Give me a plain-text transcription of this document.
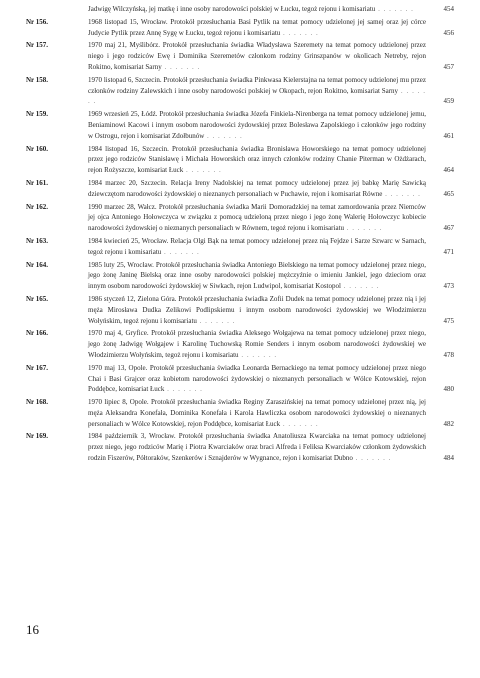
Jadwigę Wilczyńską, jej matkę i inne osoby narodowości polskiej w Łucku, tegoż rejonu i komisariatu . . . . . . .	454
Nr 156.	1968 listopad 15, Wrocław. Protokół przesłuchania Basi Pytlik na temat pomocy udzielonej jej samej oraz jej córce Judycie Pytlik przez Annę Sygę w Łucku, tegoż rejonu i komisariatu . . . . . . .	456
Nr 157.	1970 maj 21, Myślibórz. Protokół przesłuchania świadka Władysława Szeremety na temat pomocy udzielonej przez niego i jego rodziców Ewę i Dominika Szeremetów członkom rodziny Grinszpanów w okolicach Netreby, rejon Rokitno, komisariat Sarny . . . . . . .	457
Nr 158.	1970 listopad 6, Szczecin. Protokół przesłuchania świadka Pinkwasa Kielerstajna na temat pomocy udzielonej mu przez członków rodziny Zalewskich i inne osoby narodowości polskiej w Okopach, rejon Rokitno, komisariat Sarny . . . . . . .	459
Nr 159.	1969 wrzesień 25, Łódź. Protokół przesłuchania świadka Józefa Finkiela-Nirenberga na temat pomocy udzielonej jemu, Beniaminowi Kacowi i innym osobom narodowości żydowskiej przez Bolesława Zapolskiego i członków jego rodziny w Ostrogu, rejon i komisariat Zdołbunów . . . . . . .	461
Nr 160.	1984 listopad 16, Szczecin. Protokół przesłuchania świadka Bronisława Howorskiego na temat pomocy udzielonej przez jego rodziców Stanisławę i Michała Howorskich oraz innych członków rodziny Chanie Piterman w Ożdżarach, rejon Rożyszcze, komisariat Łuck . . . . . . .	464
Nr 161.	1984 marzec 20, Szczecin. Relacja Ireny Nadolskiej na temat pomocy udzielonej przez jej babkę Marię Sawicką dziewczętom narodowości żydowskiej o nieznanych personaliach w Puchawie, rejon i komisariat Równe . . . . . . .	465
Nr 162.	1990 marzec 28, Wałcz. Protokół przesłuchania świadka Marii Domoradzkiej na temat zamordowania przez Niemców jej ojca Antoniego Hołowczyca w związku z pomocą udzieloną przez niego i jego żonę Walerię Hołowczyc kobiecie narodowości żydowskiej o nieznanych personaliach w Równem, tegoż rejonu i komisariatu . . . . . . .	467
Nr 163.	1984 kwiecień 25, Wrocław. Relacja Olgi Bąk na temat pomocy udzielonej przez nią Fejdze i Sarze Szwarc w Sarnach, tegoż rejonu i komisariatu . . . . . . .	471
Nr 164.	1985 luty 25, Wrocław. Protokół przesłuchania świadka Antoniego Bielskiego na temat pomocy udzielonej przez niego, jego żonę Janinę Bielską oraz inne osoby narodowości polskiej mężczyźnie o imieniu Jankiel, jego dzieciom oraz innym osobom narodowości żydowskiej w Siwkach, rejon Ludwipol, komisariat Kostopol . . . . . . .	473
Nr 165.	1986 styczeń 12, Zielona Góra. Protokół przesłuchania świadka Zofii Dudek na temat pomocy udzielonej przez nią i jej męża Mirosława Dudka Zelikowi Podlipskiemu i innym osobom narodowości żydowskiej we Włodzimierzu Wołyńskim, tegoż rejonu i komisariatu . . . . . . .	475
Nr 166.	1970 maj 4, Gryfice. Protokół przesłuchania świadka Aleksego Wołgajewa na temat pomocy udzielonej przez niego, jego żonę Jadwigę Wołgajew i Karolinę Tuchowską Romie Senders i innym osobom narodowości żydowskiej we Włodzimierzu Wołyńskim, tegoż rejonu i komisariatu . . . . . . .	478
Nr 167.	1970 maj 13, Opole. Protokół przesłuchania świadka Leonarda Bernackiego na temat pomocy udzielonej przez niego Chai i Basi Grajcer oraz kobietom narodowości żydowskiej o nieznanych personaliach w Wólce Kotowskiej, rejon Poddębce, komisariat Łuck . . . . . . .	480
Nr 168.	1970 lipiec 8, Opole. Protokół przesłuchania świadka Reginy Zaraszińskiej na temat pomocy udzielonej przez nią, jej męża Aleksandra Konefała, Dominika Konefała i Karola Hawliczka osobom narodowości żydowskiej o nieznanych personaliach w Wólce Kotowskiej, rejon Poddębce, komisariat Łuck . . . . . . .	482
Nr 169.	1984 październik 3, Wrocław. Protokół przesłuchania świadka Anatoliusza Kwarciaka na temat pomocy udzielonej przez niego, jego rodziców Marię i Piotra Kwarciaków oraz braci Alfreda i Feliksa Kwarciaków członkom żydowskich rodzin Fiszerów, Półtoraków, Szenkerów i Sznajderów w Wygnance, rejon i komisariat Dubno . . . . . . .	484
16
